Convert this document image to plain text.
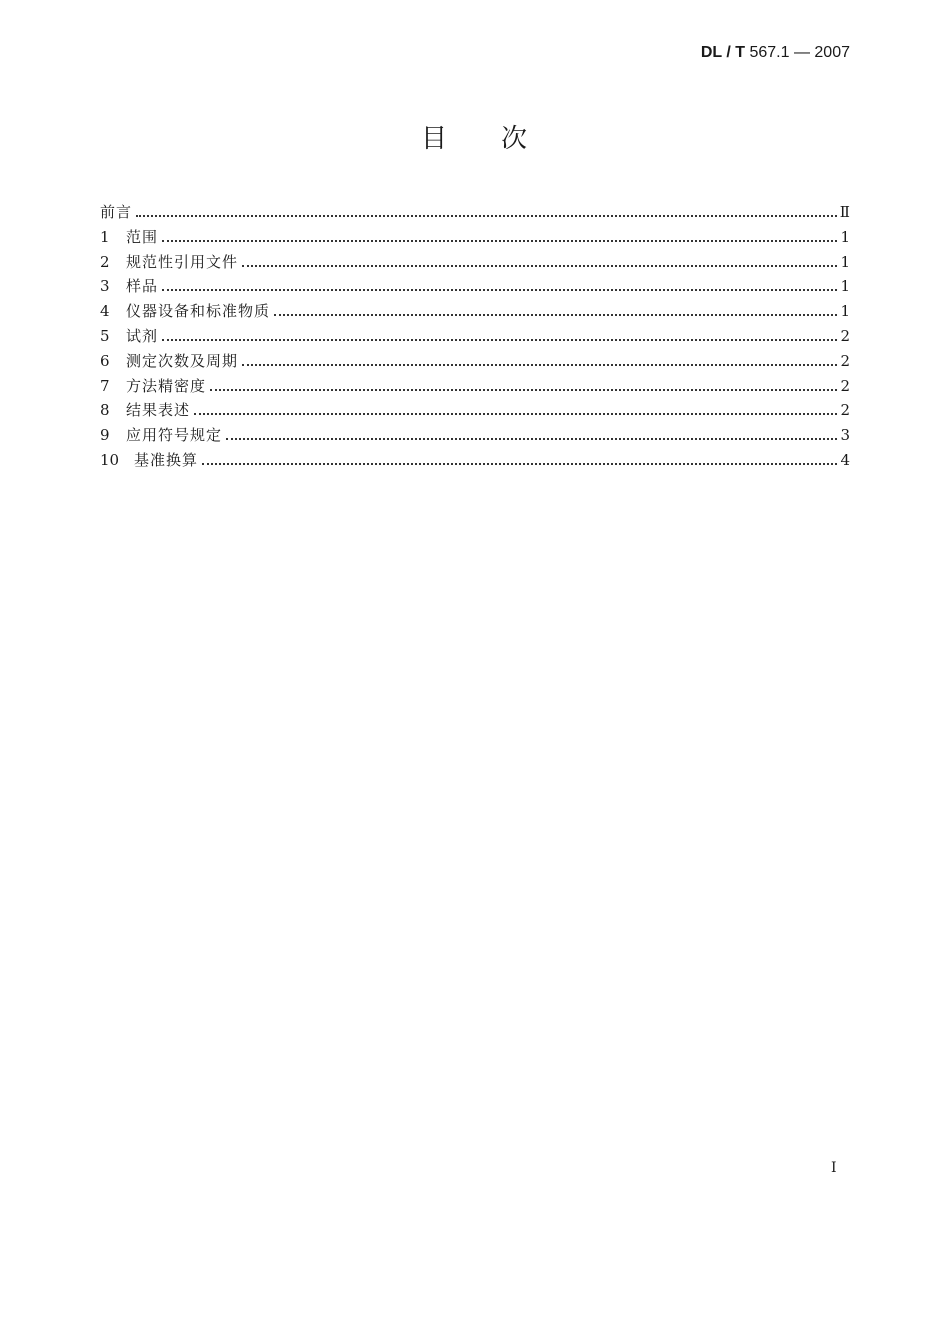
DL / T 567.1 — 2007
目 次
前言	Ⅱ
1	范围	1
2	规范性引用文件	1
3	样品	1
4	仪器设备和标准物质	1
5	试剂	2
6	测定次数及周期	2
7	方法精密度	2
8	结果表述	2
9	应用符号规定	3
10 基准换算	4
I
